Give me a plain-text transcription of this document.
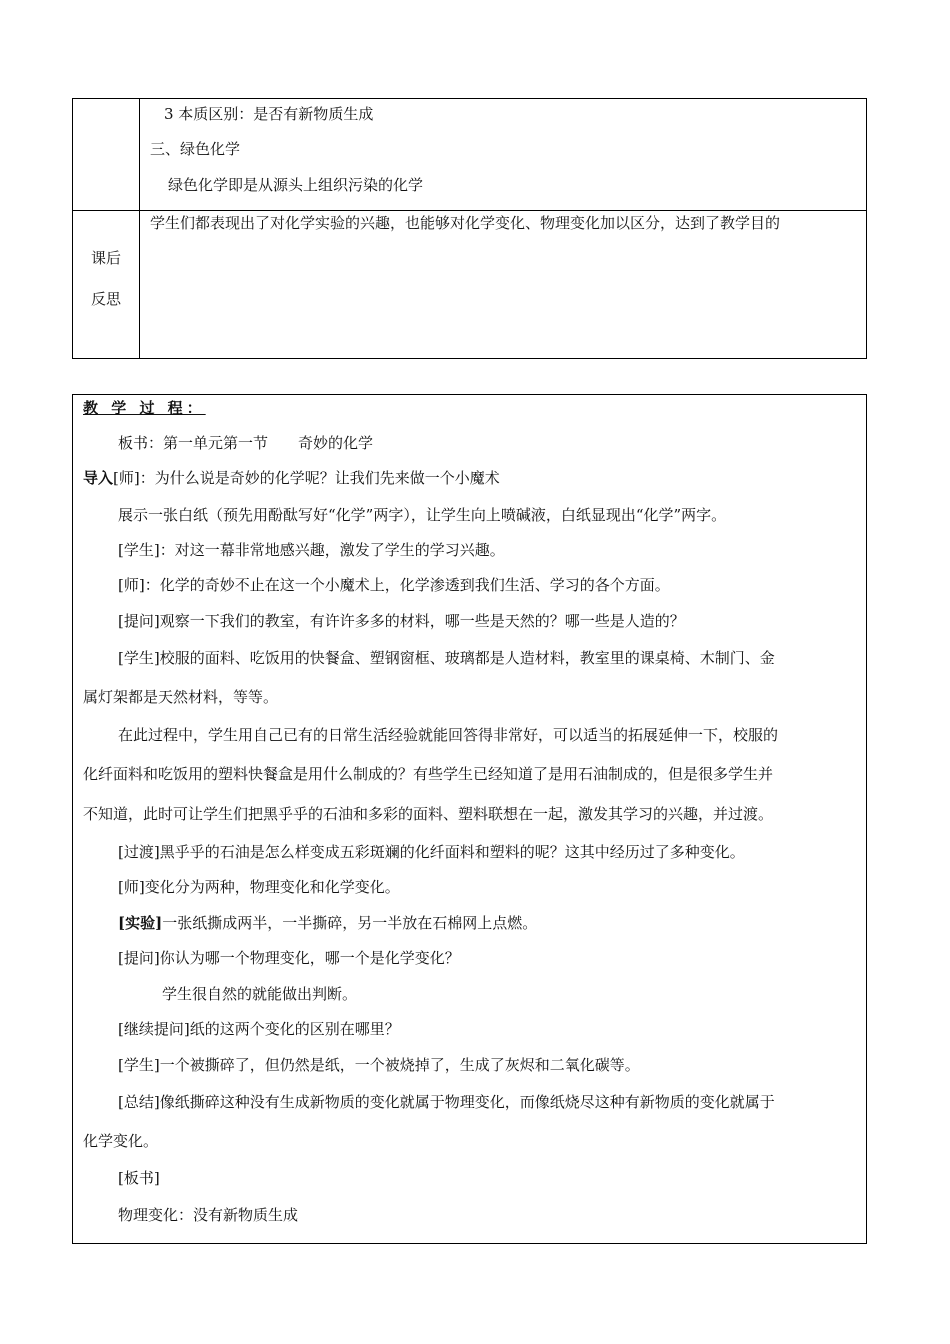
3 本质区别：是否有新物质生成
三、绿色化学
绿色化学即是从源头上组织污染的化学
课后
反思
学生们都表现出了对化学实验的兴趣，也能够对化学变化、物理变化加以区分，达到了教学目的
教 学 过 程：
板书：第一单元第一节　　奇妙的化学
导入[师]：为什么说是奇妙的化学呢？让我们先来做一个小魔术
展示一张白纸（预先用酚酞写好“化学”两字），让学生向上喷碱液，白纸显现出“化学”两字。
[学生]：对这一幕非常地感兴趣，激发了学生的学习兴趣。
[师]：化学的奇妙不止在这一个小魔术上，化学渗透到我们生活、学习的各个方面。
[提问]观察一下我们的教室，有许许多多的材料，哪一些是天然的？哪一些是人造的？
[学生]校服的面料、吃饭用的快餐盒、塑钢窗框、玻璃都是人造材料，教室里的课桌椅、木制门、金
属灯架都是天然材料，等等。
在此过程中，学生用自己已有的日常生活经验就能回答得非常好，可以适当的拓展延伸一下，校服的
化纤面料和吃饭用的塑料快餐盒是用什么制成的？有些学生已经知道了是用石油制成的，但是很多学生并
不知道，此时可让学生们把黑乎乎的石油和多彩的面料、塑料联想在一起，激发其学习的兴趣，并过渡。
[过渡]黑乎乎的石油是怎么样变成五彩斑斓的化纤面料和塑料的呢？这其中经历过了多种变化。
[师]变化分为两种，物理变化和化学变化。
[实验]一张纸撕成两半，一半撕碎，另一半放在石棉网上点燃。
[提问]你认为哪一个物理变化，哪一个是化学变化？
学生很自然的就能做出判断。
[继续提问]纸的这两个变化的区别在哪里？
[学生]一个被撕碎了，但仍然是纸，一个被烧掉了，生成了灰烬和二氧化碳等。
[总结]像纸撕碎这种没有生成新物质的变化就属于物理变化，而像纸烧尽这种有新物质的变化就属于
化学变化。
[板书]
物理变化：没有新物质生成
